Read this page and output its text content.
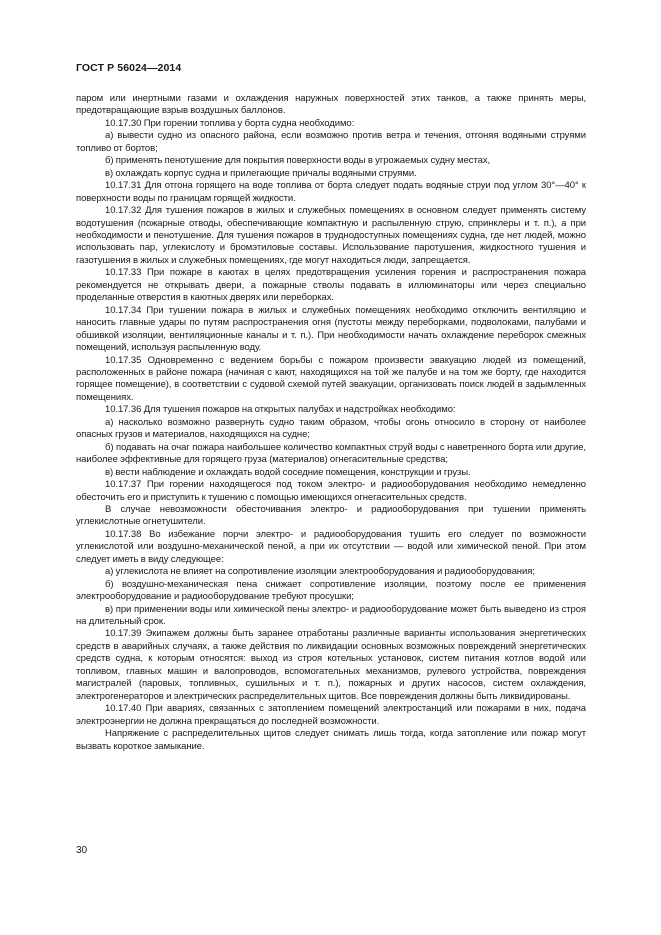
ГОСТ Р 56024—2014

паром или инертными газами и охлаждения наружных поверхностей этих танков, а также принять меры, предотвращающие взрыв воздушных баллонов.

10.17.30 При горении топлива у борта судна необходимо:

а) вывести судно из опасного района, если возможно против ветра и течения, отгоняя водяными струями топливо от бортов;

б) применять пенотушение для покрытия поверхности воды в угрожаемых судну местах,

в) охлаждать корпус судна и прилегающие причалы водяными струями.

10.17.31 Для отгона горящего на воде топлива от борта следует подать водяные струи под углом 30°—40° к поверхности воды по границам горящей жидкости.

10.17.32 Для тушения пожаров в жилых и служебных помещениях в основном следует применять систему водотушения (пожарные отводы, обеспечивающие компактную и распыленную струю, спринклеры и т. п.), а при необходимости и пенотушение. Для тушения пожаров в труднодоступных помещениях судна, где нет людей, можно использовать пар, углекислоту и бромэтиловые составы. Использование паротушения, жидкостного тушения и газотушения в жилых и служебных помещениях, где могут находиться люди, запрещается.

10.17.33 При пожаре в каютах в целях предотвращения усиления горения и распространения пожара рекомендуется не открывать двери, а пожарные стволы подавать в иллюминаторы или через специально проделанные отверстия в каютных дверях или переборках.

10.17.34 При тушении пожара в жилых и служебных помещениях необходимо отключить вентиляцию и наносить главные удары по путям распространения огня (пустоты между переборками, подволоками, палубами и обшивкой изоляции, вентиляционные каналы и т. п.). При необходимости начать охлаждение переборок смежных помещений, используя распыленную воду.

10.17.35 Одновременно с ведением борьбы с пожаром произвести эвакуацию людей из помещений, расположенных в районе пожара (начиная с кают, находящихся на той же палубе и на том же борту, где находится горящее помещение), в соответствии с судовой схемой путей эвакуации, организовать поиск людей в задымленных помещениях.

10.17.36 Для тушения пожаров на открытых палубах и надстройках необходимо:

а) насколько возможно развернуть судно таким образом, чтобы огонь относило в сторону от наиболее опасных грузов и материалов, находящихся на судне;

б) подавать на очаг пожара наибольшее количество компактных струй воды с наветренного борта или другие, наиболее эффективные для горящего груза (материалов) огнегасительные средства;

в) вести наблюдение и охлаждать водой соседние помещения, конструкции и грузы.

10.17.37 При горении находящегося под током электро- и радиооборудования необходимо немедленно обесточить его и приступить к тушению с помощью имеющихся огнегасительных средств.

В случае невозможности обесточивания электро- и радиооборудования при тушении применять углекислотные огнетушители.

10.17.38 Во избежание порчи электро- и радиооборудования тушить его следует по возможности углекислотой или воздушно-механической пеной, а при их отсутствии — водой или химической пеной. При этом следует иметь в виду следующее:

а) углекислота не влияет на сопротивление изоляции электрооборудования и радиооборудования;

б) воздушно-механическая пена снижает сопротивление изоляции, поэтому после ее применения электрооборудование и радиооборудование требуют просушки;

в) при применении воды или химической пены электро- и радиооборудование может быть выведено из строя на длительный срок.

10.17.39 Экипажем должны быть заранее отработаны различные варианты использования энергетических средств в аварийных случаях, а также действия по ликвидации основных возможных повреждений энергетических средств судна, к которым относятся: выход из строя котельных установок, систем питания котлов водой или топливом, главных машин и валопроводов, вспомогательных механизмов, рулевого устройства, повреждения магистралей (паровых, топливных, сушильных и т. п.), пожарных и других насосов, систем охлаждения, электрогенераторов и электрических распределительных щитов. Все повреждения должны быть ликвидированы.

10.17.40 При авариях, связанных с затоплением помещений электростанций или пожарами в них, подача электроэнергии не должна прекращаться до последней возможности.

Напряжение с распределительных щитов следует снимать лишь тогда, когда затопление или пожар могут вызвать короткое замыкание.

30
